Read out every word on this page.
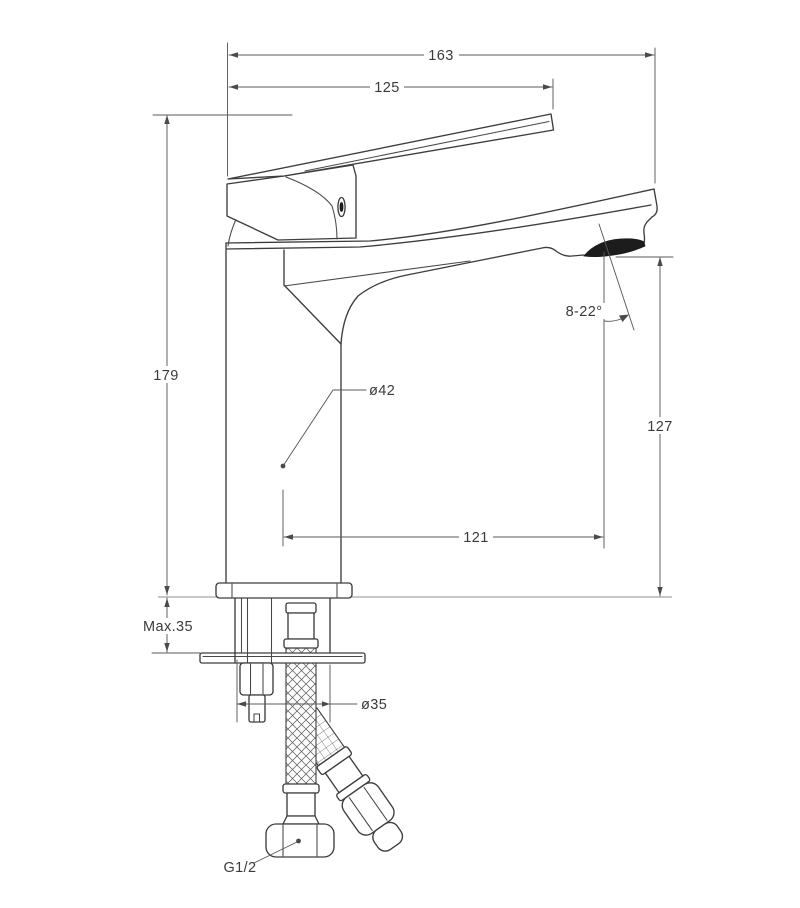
8-22°
163
125
179
127
121
Max.35
ø35
ø42
G1/2
